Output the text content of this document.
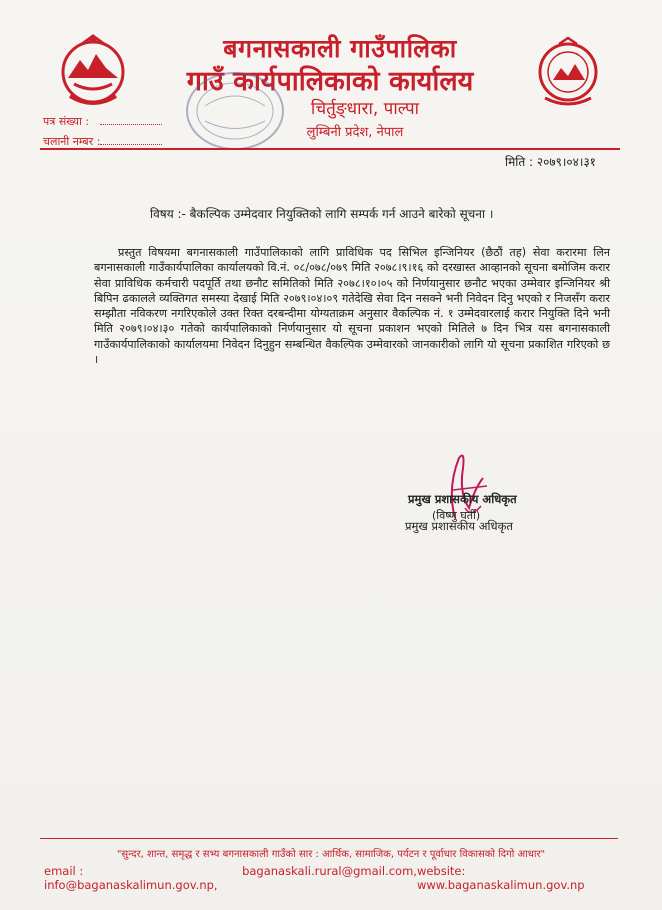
बगनासकाली गाउँपालिका
गाउँ कार्यपालिकाको कार्यालय
चिर्तुङ्धारा, पाल्पा
लुम्बिनी प्रदेश, नेपाल
पत्र संख्या :
चलानी नम्बर :
मिति : २०७९।०४।३१
विषय :- बैकल्पिक उम्मेदवार नियुक्तिको लागि सम्पर्क गर्न आउने बारेको सूचना ।
प्रस्तुत विषयमा बगनासकाली गाउँपालिकाको लागि प्राविधिक पद सिभिल इन्जिनियर (छैठौं तह) सेवा करारमा लिन बगनासकाली गाउँकार्यपालिका कार्यालयको वि.नं. ०८/०७८/०७९ मिति २०७८।९।१६ को दरखास्त आव्हानको सूचना बमोजिम करार सेवा प्राविधिक कर्मचारी पदपूर्ति तथा छनौट समितिको मिति २०७८।१०।०५ को निर्णयानुसार छनौट भएका उम्मेवार इन्जिनियर श्री बिपिन ढकालले व्यक्तिगत समस्या देखाई मिति २०७९।०४।०९ गतेदेखि सेवा दिन नसक्ने भनी निवेदन दिनु भएको र निजसँग करार सम्झौता नविकरण नगरिएकोले उक्त रिक्त दरबन्दीमा योग्यताक्रम अनुसार वैकल्पिक नं. १ उम्मेदवारलाई करार नियुक्ति दिने भनी मिति २०७९।०४।३० गतेको कार्यपालिकाको निर्णयानुसार यो सूचना प्रकाशन भएको मितिले ७ दिन भित्र यस बगनासकाली गाउँकार्यपालिकाको कार्यालयमा निवेदन दिनुहुन सम्बन्धित वैकल्पिक उम्मेवारको जानकारीको लागि यो सूचना प्रकाशित गरिएको छ ।
प्रमुख प्रशासकीय अधिकृत
(विष्णु घर्ती)
प्रमुख प्रशासकीय अधिकृत
"सुन्दर, शान्त, समृद्ध र सभ्य बगनासकाली गाउँको सार : आर्थिक, सामाजिक, पर्यटन र पूर्वाधार विकासको दिगो आधार"
email : info@baganaskalimun.gov.np,
baganaskali.rural@gmail.com, website: www.baganaskalimun.gov.np
